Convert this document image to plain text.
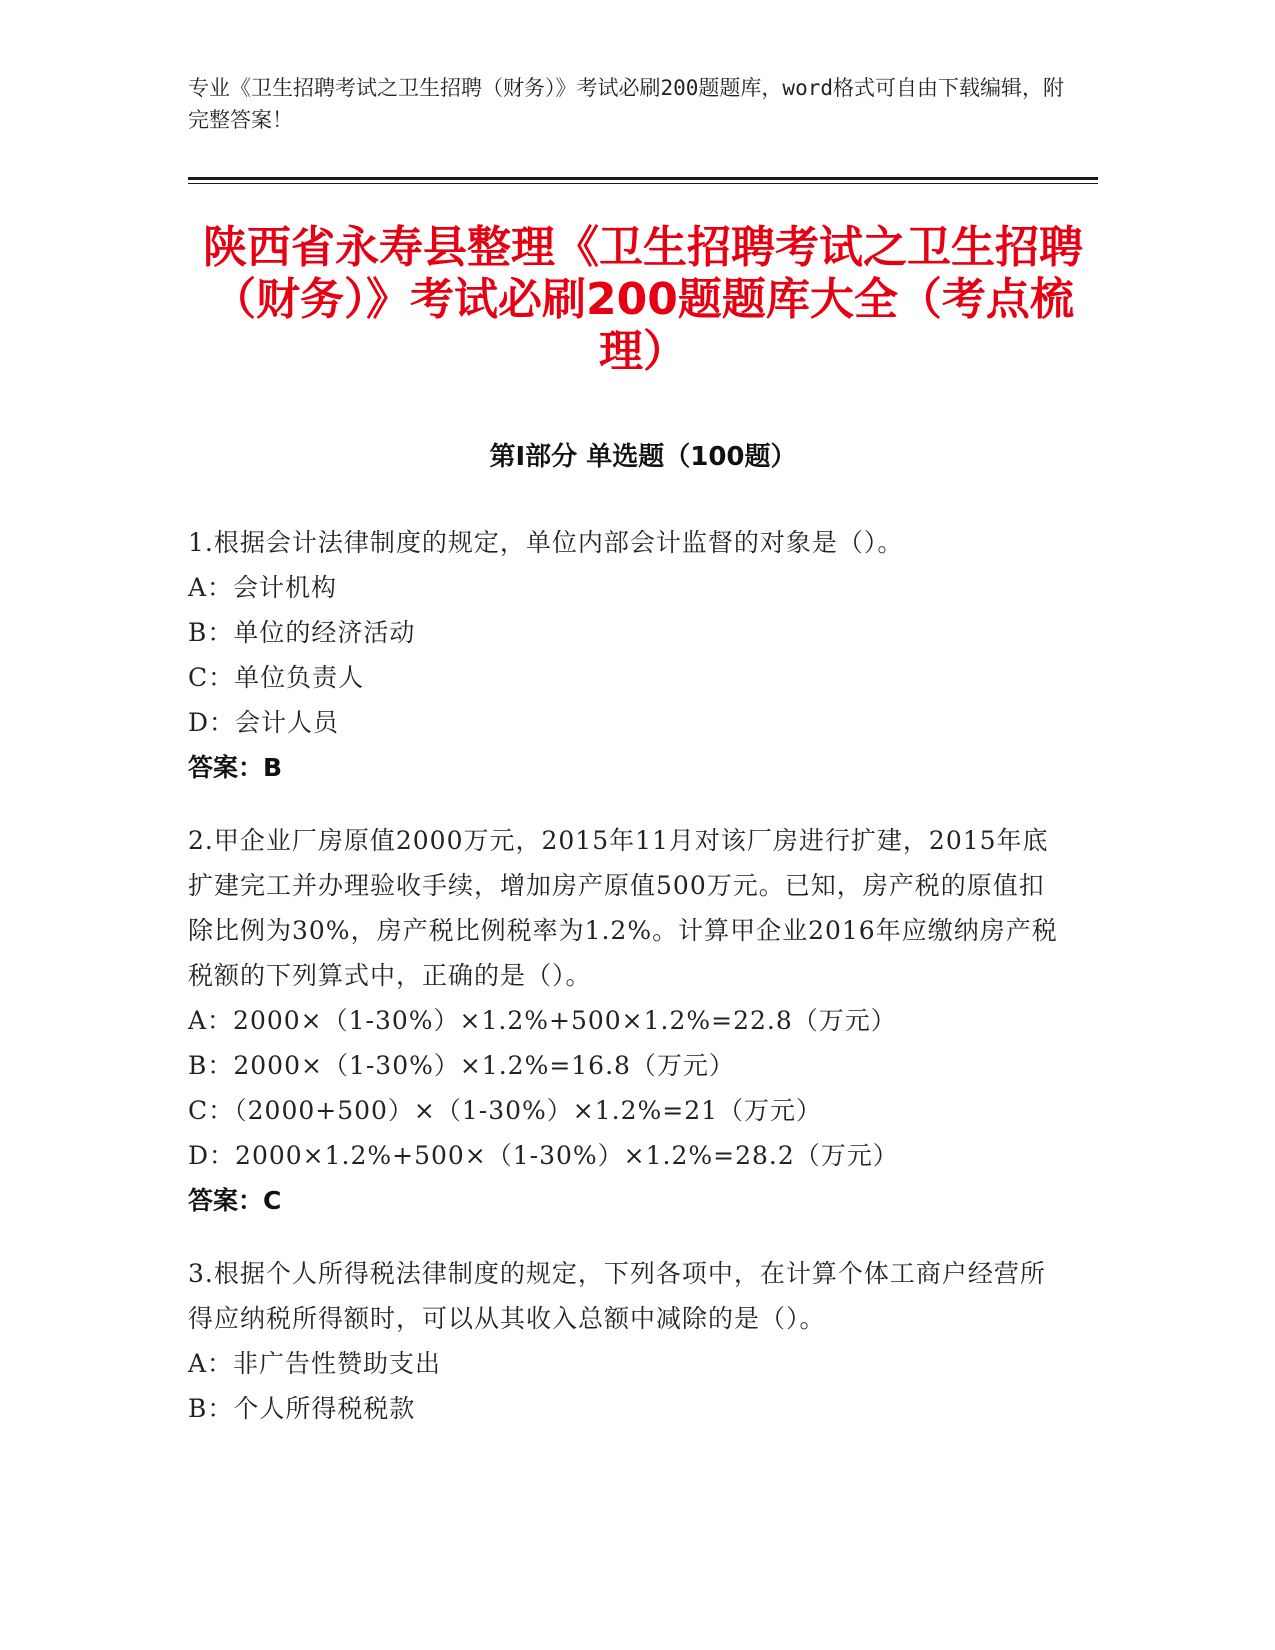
专业《卫生招聘考试之卫生招聘（财务）》考试必刷200题题库，word格式可自由下载编辑，附完整答案！
陕西省永寿县整理《卫生招聘考试之卫生招聘（财务）》考试必刷200题题库大全（考点梳理）
第Ⅰ部分 单选题（100题）
1.根据会计法律制度的规定，单位内部会计监督的对象是（）。
A：会计机构
B：单位的经济活动
C：单位负责人
D：会计人员
答案：B
2.甲企业厂房原值2000万元，2015年11月对该厂房进行扩建，2015年底扩建完工并办理验收手续，增加房产原值500万元。已知，房产税的原值扣除比例为30%，房产税比例税率为1.2%。计算甲企业2016年应缴纳房产税税额的下列算式中，正确的是（）。
A：2000×（1-30%）×1.2%+500×1.2%=22.8（万元）
B：2000×（1-30%）×1.2%=16.8（万元）
C：（2000+500）×（1-30%）×1.2%=21（万元）
D：2000×1.2%+500×（1-30%）×1.2%=28.2（万元）
答案：C
3.根据个人所得税法律制度的规定，下列各项中，在计算个体工商户经营所得应纳税所得额时，可以从其收入总额中减除的是（）。
A：非广告性赞助支出
B：个人所得税税款
